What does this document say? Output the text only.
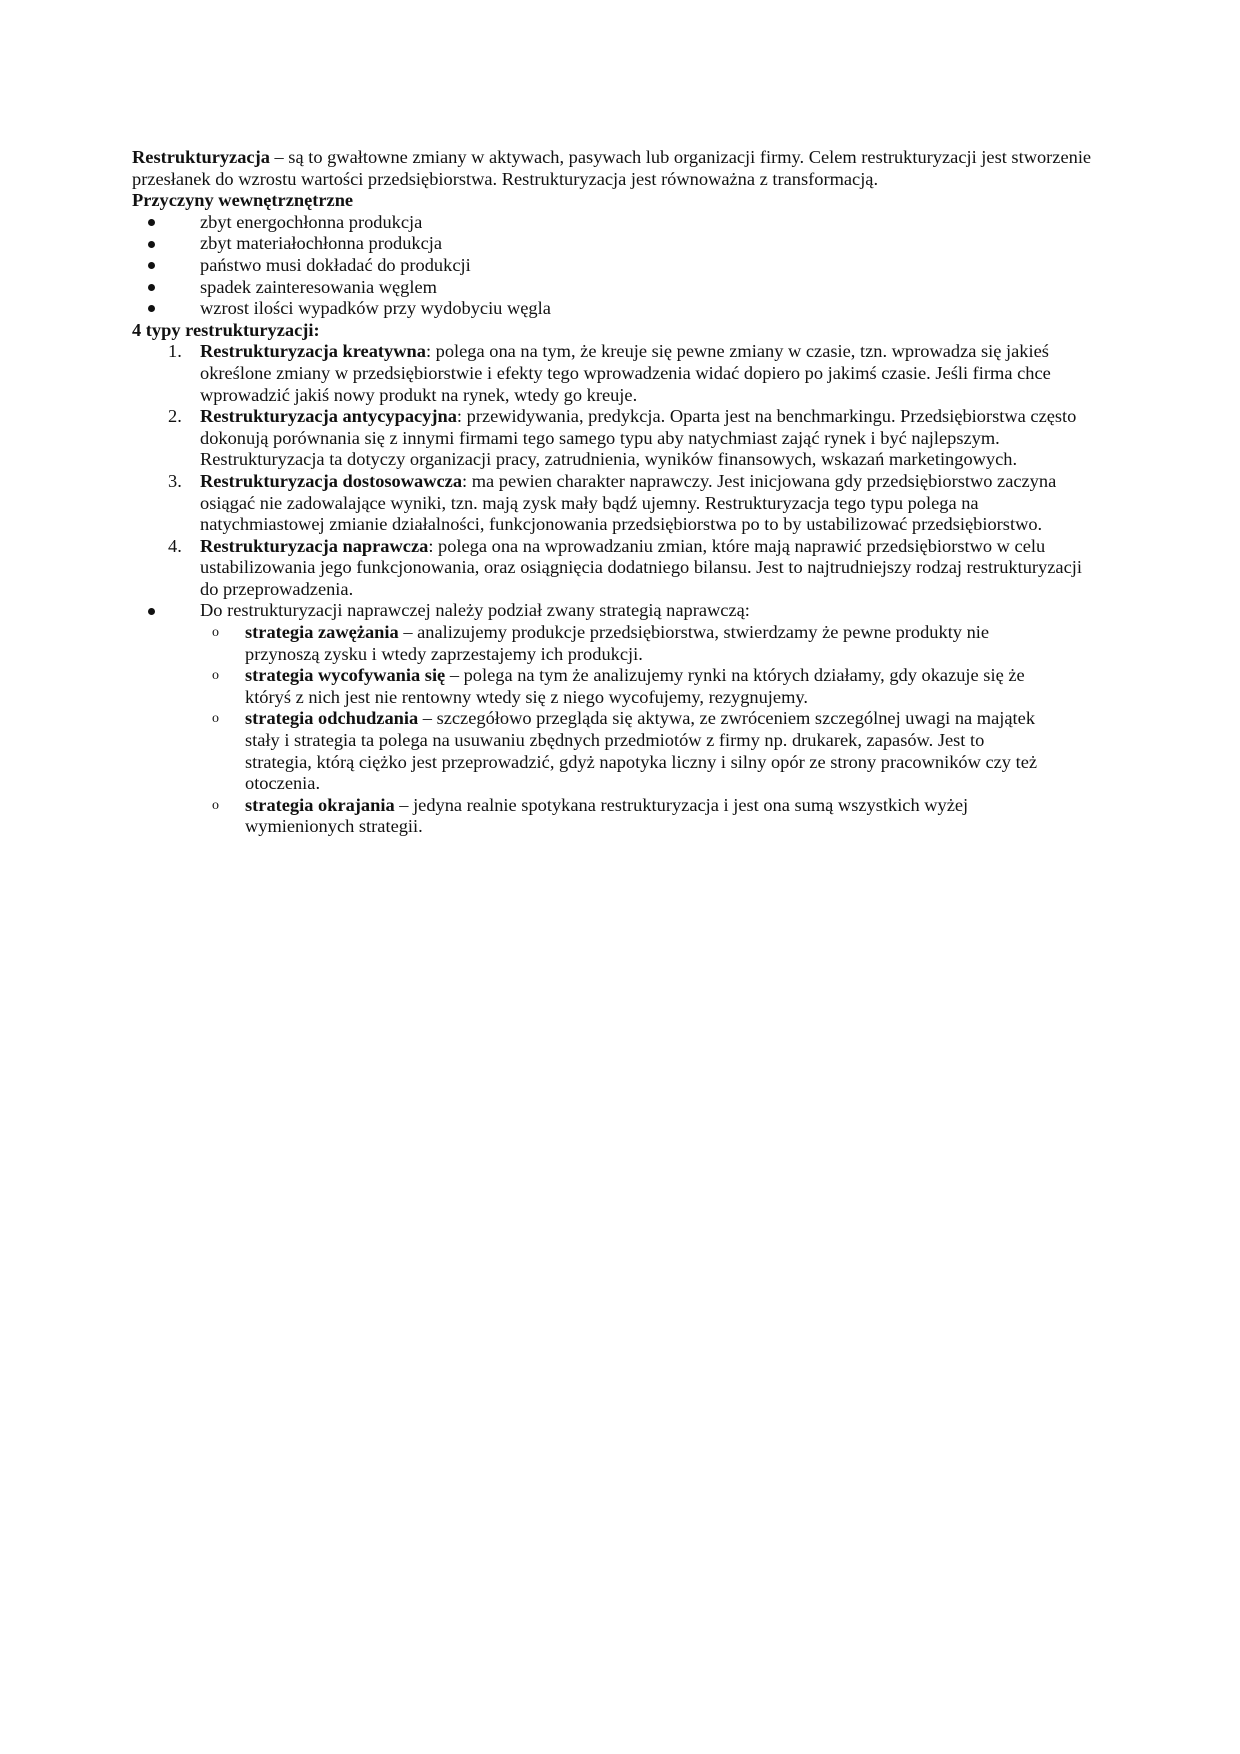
Restrukturyzacja – są to gwałtowne zmiany w aktywach, pasywach lub organizacji firmy. Celem restrukturyzacji jest stworzenie przesłanek do wzrostu wartości przedsiębiorstwa. Restrukturyzacja jest równoważna z transformacją.

Przyczyny wewnętrznętrzne

zbyt energochłonna produkcja
zbyt materiałochłonna produkcja
państwo musi dokładać do produkcji
spadek zainteresowania węglem
wzrost ilości wypadków przy wydobyciu węgla

4 typy restrukturyzacji:

1. Restrukturyzacja kreatywna: polega ona na tym, że kreuje się pewne zmiany w czasie, tzn. wprowadza się jakieś określone zmiany w przedsiębiorstwie i efekty tego wprowadzenia widać dopiero po jakimś czasie. Jeśli firma chce wprowadzić jakiś nowy produkt na rynek, wtedy go kreuje.
2. Restrukturyzacja antycypacyjna: przewidywania, predykcja. Oparta jest na benchmarkingu. Przedsiębiorstwa często dokonują porównania się z innymi firmami tego samego typu aby natychmiast zająć rynek i być najlepszym. Restrukturyzacja ta dotyczy organizacji pracy, zatrudnienia, wyników finansowych, wskazań marketingowych.
3. Restrukturyzacja dostosowawcza: ma pewien charakter naprawczy. Jest inicjowana gdy przedsiębiorstwo zaczyna osiągać nie zadowalające wyniki, tzn. mają zysk mały bądź ujemny. Restrukturyzacja tego typu polega na natychmiastowej zmianie działalności, funkcjonowania przedsiębiorstwa po to by ustabilizować przedsiębiorstwo.
4. Restrukturyzacja naprawcza: polega ona na wprowadzaniu zmian, które mają naprawić przedsiębiorstwo w celu ustabilizowania jego funkcjonowania, oraz osiągnięcia dodatniego bilansu. Jest to najtrudniejszy rodzaj restrukturyzacji do przeprowadzenia.
Do restrukturyzacji naprawczej należy podział zwany strategią naprawczą:
o strategia zawężania – analizujemy produkcje przedsiębiorstwa, stwierdzamy że pewne produkty nie przynoszą zysku i wtedy zaprzestajemy ich produkcji.
o strategia wycofywania się – polega na tym że analizujemy rynki na których działamy, gdy okazuje się że któryś z nich jest nie rentowny wtedy się z niego wycofujemy, rezygnujemy.
o strategia odchudzania – szczegółowo przegląda się aktywa, ze zwróceniem szczególnej uwagi na majątek stały i strategia ta polega na usuwaniu zbędnych przedmiotów z firmy np. drukarek, zapasów. Jest to strategia, którą ciężko jest przeprowadzić, gdyż napotyka liczny i silny opór ze strony pracowników czy też otoczenia.
o strategia okrajania – jedyna realnie spotykana restrukturyzacja i jest ona sumą wszystkich wyżej wymienionych strategii.
